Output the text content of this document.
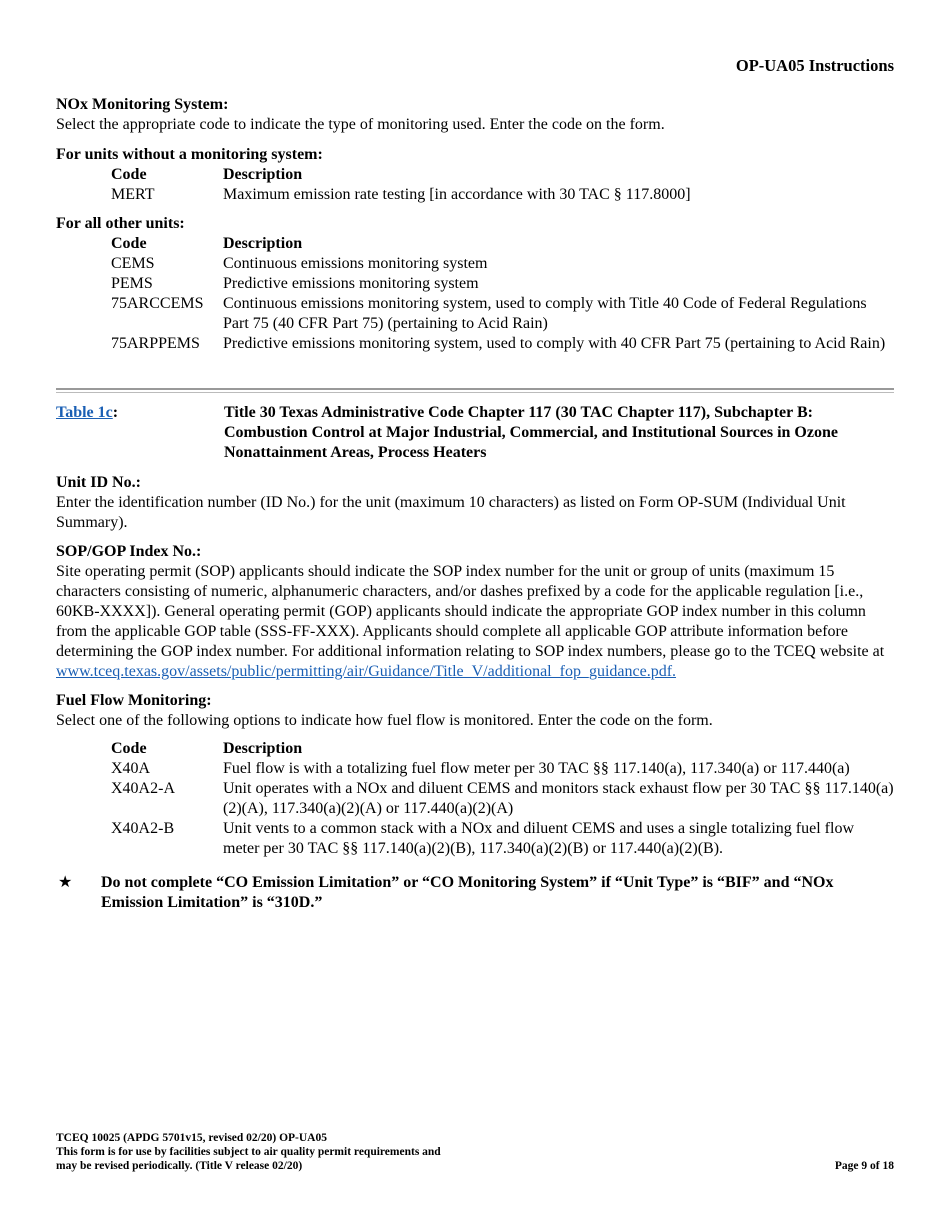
OP-UA05 Instructions
NOx Monitoring System:

Select the appropriate code to indicate the type of monitoring used. Enter the code on the form.

For units without a monitoring system:
Code	Description
MERT	Maximum emission rate testing [in accordance with 30 TAC § 117.8000]
For all other units:
Code	Description
CEMS	Continuous emissions monitoring system
PEMS	Predictive emissions monitoring system
75ARCCEMS	Continuous emissions monitoring system, used to comply with Title 40 Code of Federal Regulations Part 75 (40 CFR Part 75) (pertaining to Acid Rain)
75ARPPEMS	Predictive emissions monitoring system, used to comply with 40 CFR Part 75 (pertaining to Acid Rain)
Table 1c:	Title 30 Texas Administrative Code Chapter 117 (30 TAC Chapter 117), Subchapter B: Combustion Control at Major Industrial, Commercial, and Institutional Sources in Ozone Nonattainment Areas, Process Heaters
Unit ID No.:

Enter the identification number (ID No.) for the unit (maximum 10 characters) as listed on Form OP-SUM (Individual Unit Summary).

SOP/GOP Index No.:

Site operating permit (SOP) applicants should indicate the SOP index number for the unit or group of units (maximum 15 characters consisting of numeric, alphanumeric characters, and/or dashes prefixed by a code for the applicable regulation [i.e., 60KB-XXXX]). General operating permit (GOP) applicants should indicate the appropriate GOP index number in this column from the applicable GOP table (SSS-FF-XXX). Applicants should complete all applicable GOP attribute information before determining the GOP index number. For additional information relating to SOP index numbers, please go to the TCEQ website at
www.tceq.texas.gov/assets/public/permitting/air/Guidance/Title_V/additional_fop_guidance.pdf.

Fuel Flow Monitoring:

Select one of the following options to indicate how fuel flow is monitored. Enter the code on the form.

Code	Description
X40A	Fuel flow is with a totalizing fuel flow meter per 30 TAC §§ 117.140(a), 117.340(a) or 117.440(a)
X40A2-A	Unit operates with a NOx and diluent CEMS and monitors stack exhaust flow per 30 TAC §§ 117.140(a)(2)(A), 117.340(a)(2)(A) or 117.440(a)(2)(A)
X40A2-B	Unit vents to a common stack with a NOx and diluent CEMS and uses a single totalizing fuel flow meter per 30 TAC §§ 117.140(a)(2)(B), 117.340(a)(2)(B) or 117.440(a)(2)(B).
★	Do not complete “CO Emission Limitation” or “CO Monitoring System” if “Unit Type” is “BIF” and “NOx Emission Limitation” is “310D.”
TCEQ 10025 (APDG 5701v15, revised 02/20) OP-UA05
This form is for use by facilities subject to air quality permit requirements and
may be revised periodically. (Title V release 02/20)	Page 9 of 18
